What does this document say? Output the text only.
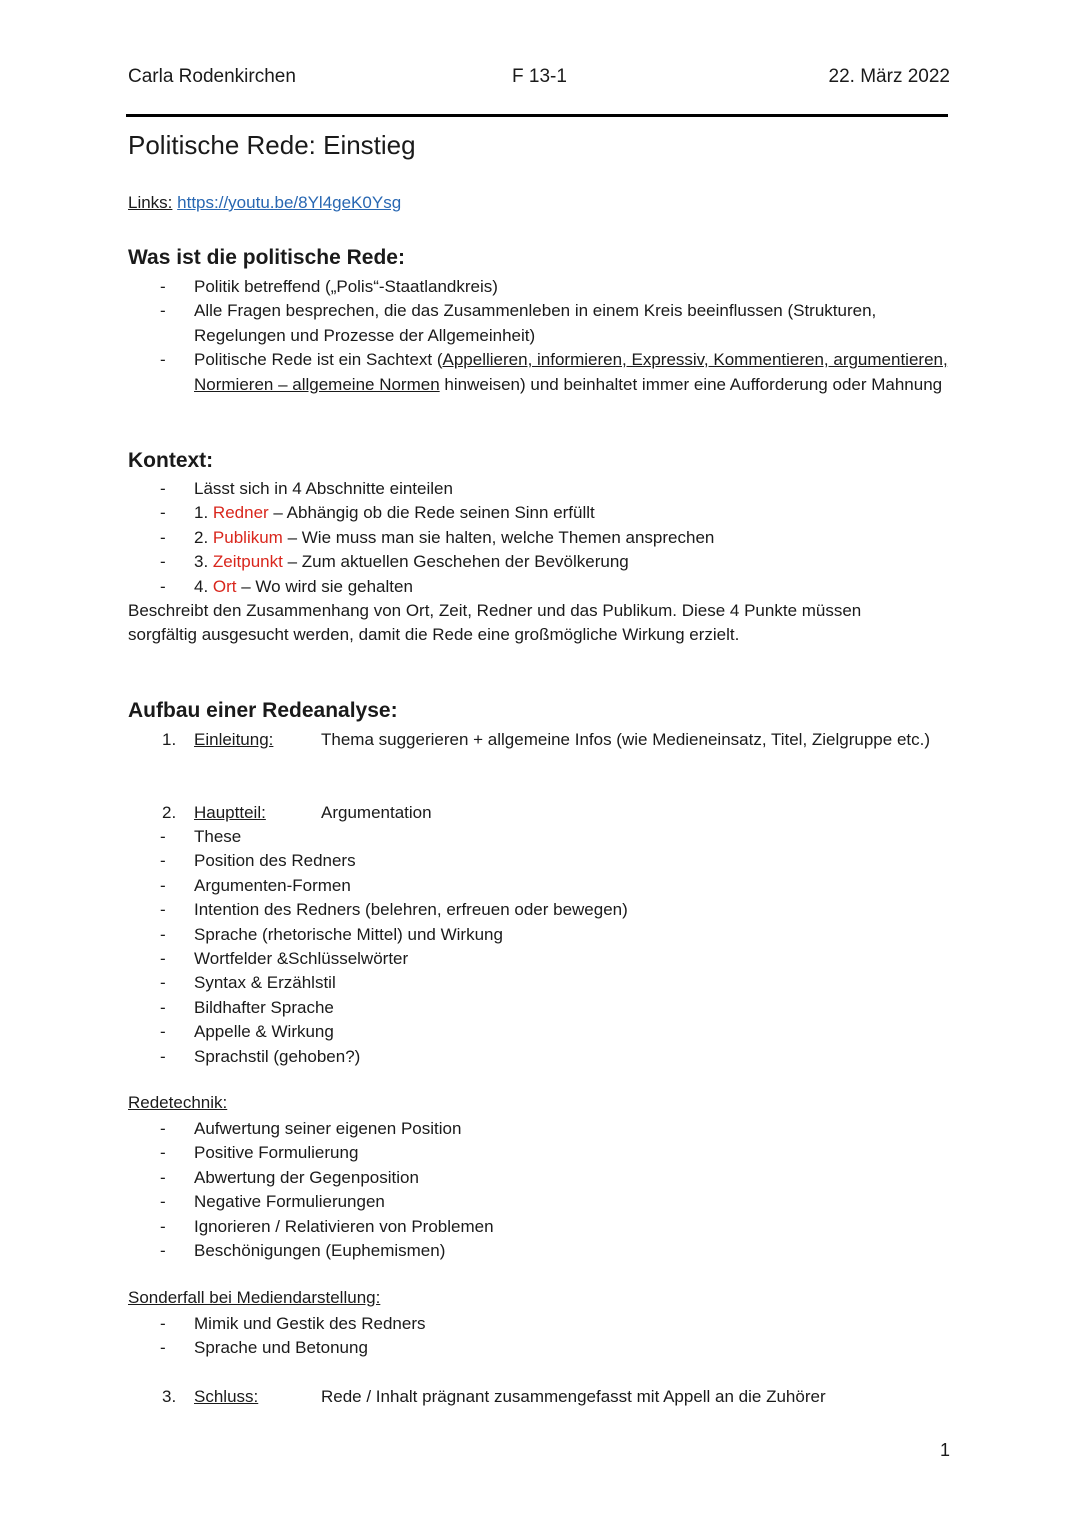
Carla Rodenkirchen	F 13-1	22. März 2022
Politische Rede: Einstieg
Links: https://youtu.be/8Yl4geK0Ysg
Was ist die politische Rede:
- Politik betreffend („Polis“-Staatlandkreis)
- Alle Fragen besprechen, die das Zusammenleben in einem Kreis beeinflussen (Strukturen, Regelungen und Prozesse der Allgemeinheit)
- Politische Rede ist ein Sachtext (Appellieren, informieren, Expressiv, Kommentieren, argumentieren, Normieren – allgemeine Normen hinweisen) und beinhaltet immer eine Aufforderung oder Mahnung
Kontext:
- Lässt sich in 4 Abschnitte einteilen
- 1. Redner – Abhängig ob die Rede seinen Sinn erfüllt
- 2. Publikum – Wie muss man sie halten, welche Themen ansprechen
- 3. Zeitpunkt – Zum aktuellen Geschehen der Bevölkerung
- 4. Ort – Wo wird sie gehalten
Beschreibt den Zusammenhang von Ort, Zeit, Redner und das Publikum. Diese 4 Punkte müssen sorgfältig ausgesucht werden, damit die Rede eine großmögliche Wirkung erzielt.
Aufbau einer Redeanalyse:
1. Einleitung:	Thema suggerieren + allgemeine Infos (wie Medieneinsatz, Titel, Zielgruppe etc.)
2. Hauptteil:	Argumentation
- These
- Position des Redners
- Argumenten-Formen
- Intention des Redners (belehren, erfreuen oder bewegen)
- Sprache (rhetorische Mittel) und Wirkung
- Wortfelder &Schlüsselwörter
- Syntax & Erzählstil
- Bildhafter Sprache
- Appelle & Wirkung
- Sprachstil (gehoben?)
Redetechnik:
- Aufwertung seiner eigenen Position
- Positive Formulierung
- Abwertung der Gegenposition
- Negative Formulierungen
- Ignorieren / Relativieren von Problemen
- Beschönigungen (Euphemismen)
Sonderfall bei Mediendarstellung:
- Mimik und Gestik des Redners
- Sprache und Betonung
3. Schluss:	Rede / Inhalt prägnant zusammengefasst mit Appell an die Zuhörer
1
